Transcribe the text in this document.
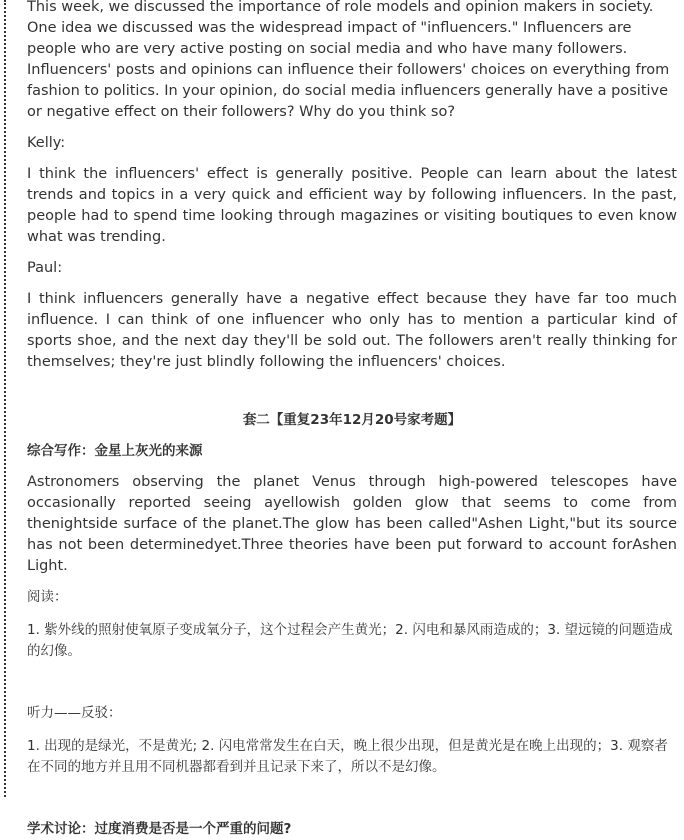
This week, we discussed the importance of role models and opinion makers in society. One idea we discussed was the widespread impact of "influencers." Influencers are people who are very active posting on social media and who have many followers. Influencers' posts and opinions can influence their followers' choices on everything from fashion to politics. In your opinion, do social media influencers generally have a positive or negative effect on their followers? Why do you think so?

Kelly:

I think the influencers' effect is generally positive. People can learn about the latest trends and topics in a very quick and efficient way by following influencers. In the past, people had to spend time looking through magazines or visiting boutiques to even know what was trending.

Paul:

I think influencers generally have a negative effect because they have far too much influence. I can think of one influencer who only has to mention a particular kind of sports shoe, and the next day they'll be sold out. The followers aren't really thinking for themselves; they're just blindly following the influencers' choices.

套二【重复23年12月20号家考题】

综合写作：金星上灰光的来源

Astronomers observing the planet Venus through high-powered telescopes have occasionally reported seeing ayellowish golden glow that seems to come from thenightside surface of the planet.The glow has been called"Ashen Light,"but its source has not been determinedyet.Three theories have been put forward to account forAshen Light.

阅读：

1. 紫外线的照射使氧原子变成氧分子，这个过程会产生黄光；2. 闪电和暴风雨造成的；3. 望远镜的问题造成的幻像。

听力——反驳：

1. 出现的是绿光，不是黄光; 2. 闪电常常发生在白天，晚上很少出现，但是黄光是在晚上出现的；3. 观察者在不同的地方并且用不同机器都看到并且记录下来了，所以不是幻像。

学术讨论：过度消费是否是一个严重的问题?
